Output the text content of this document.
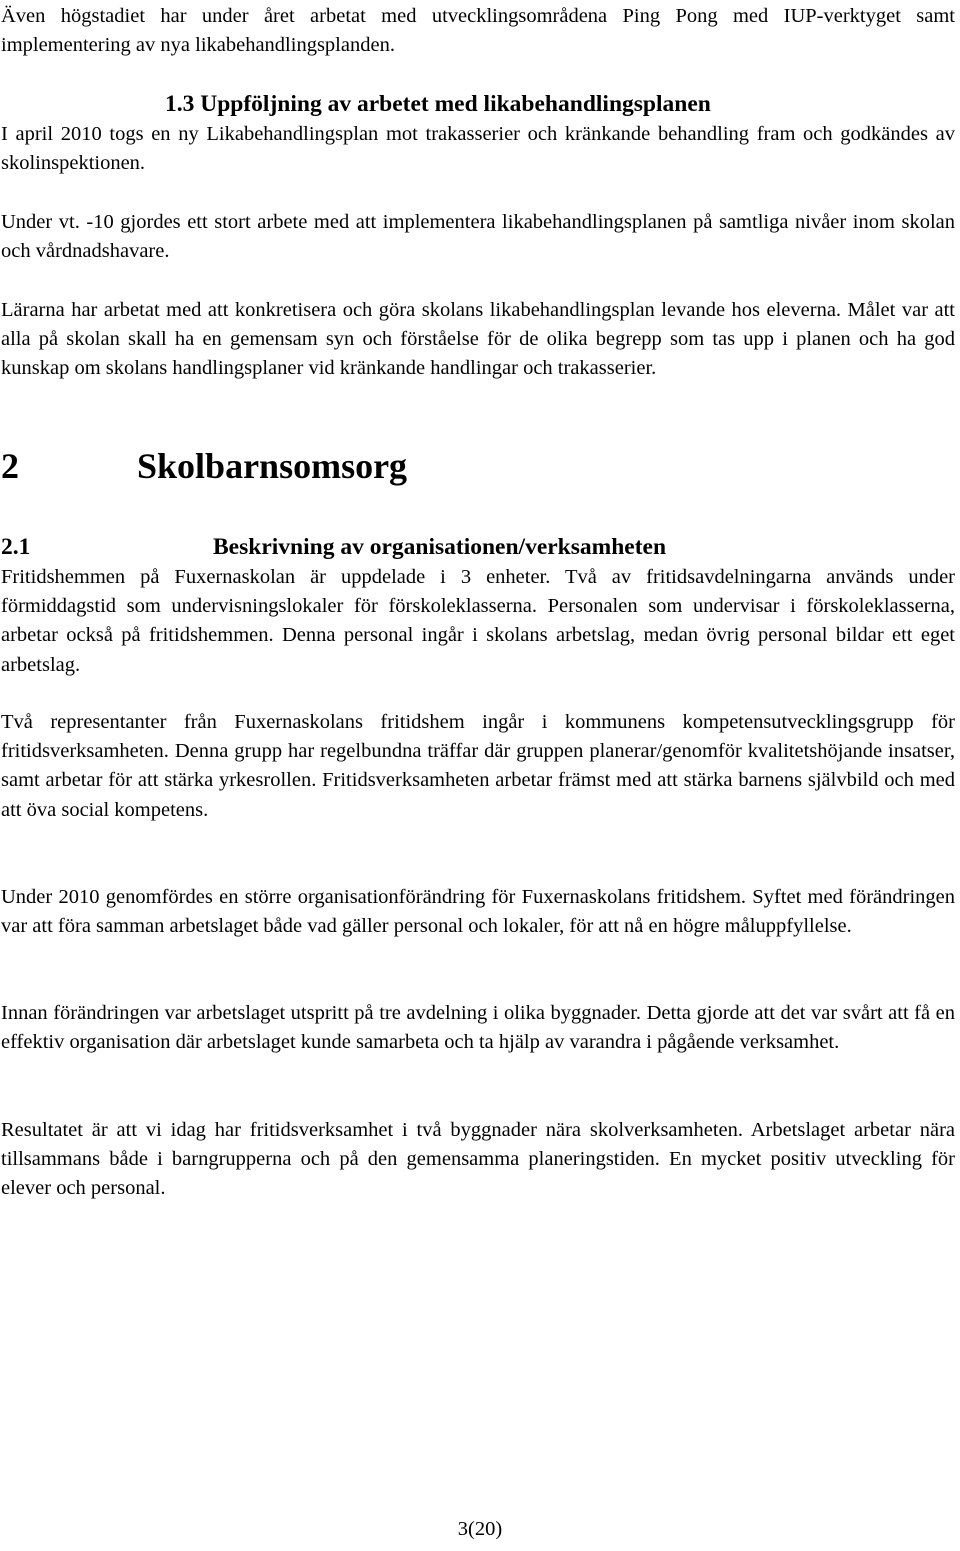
Även högstadiet har under året arbetat med utvecklingsområdena Ping Pong med IUP-verktyget samt implementering av nya likabehandlingsplanden.

1.3 Uppföljning av arbetet med likabehandlingsplanen

I april 2010 togs en ny Likabehandlingsplan mot trakasserier och kränkande behandling fram och godkändes av skolinspektionen.

Under vt. -10 gjordes ett stort arbete med att implementera likabehandlingsplanen på samtliga nivåer inom skolan och vårdnadshavare.

Lärarna har arbetat med att konkretisera och göra skolans likabehandlingsplan levande hos eleverna. Målet var att alla på skolan skall ha en gemensam syn och förståelse för de olika begrepp som tas upp i planen och ha god kunskap om skolans handlingsplaner vid kränkande handlingar och trakasserier.

2	Skolbarnsomsorg
2.1	Beskrivning av organisationen/verksamheten

Fritidshemmen på Fuxernaskolan är uppdelade i 3 enheter. Två av fritidsavdelningarna används under förmiddagstid som undervisningslokaler för förskoleklasserna. Personalen som undervisar i förskoleklasserna, arbetar också på fritidshemmen. Denna personal ingår i skolans arbetslag, medan övrig personal bildar ett eget arbetslag.

Två representanter från Fuxernaskolans fritidshem ingår i kommunens kompetensutvecklingsgrupp för fritidsverksamheten. Denna grupp har regelbundna träffar där gruppen planerar/genomför kvalitetshöjande insatser, samt arbetar för att stärka yrkesrollen. Fritidsverksamheten arbetar främst med att stärka barnens självbild och med att öva social kompetens.

Under 2010 genomfördes en större organisationförändring för Fuxernaskolans fritidshem. Syftet med förändringen var att föra samman arbetslaget både vad gäller personal och lokaler, för att nå en högre måluppfyllelse.

Innan förändringen var arbetslaget utspritt på tre avdelning i olika byggnader. Detta gjorde att det var svårt att få en effektiv organisation där arbetslaget kunde samarbeta och ta hjälp av varandra i pågående verksamhet.

Resultatet är att vi idag har fritidsverksamhet i två byggnader nära skolverksamheten. Arbetslaget arbetar nära tillsammans både i barngrupperna och på den gemensamma planeringstiden. En mycket positiv utveckling för elever och personal.

3(20)
